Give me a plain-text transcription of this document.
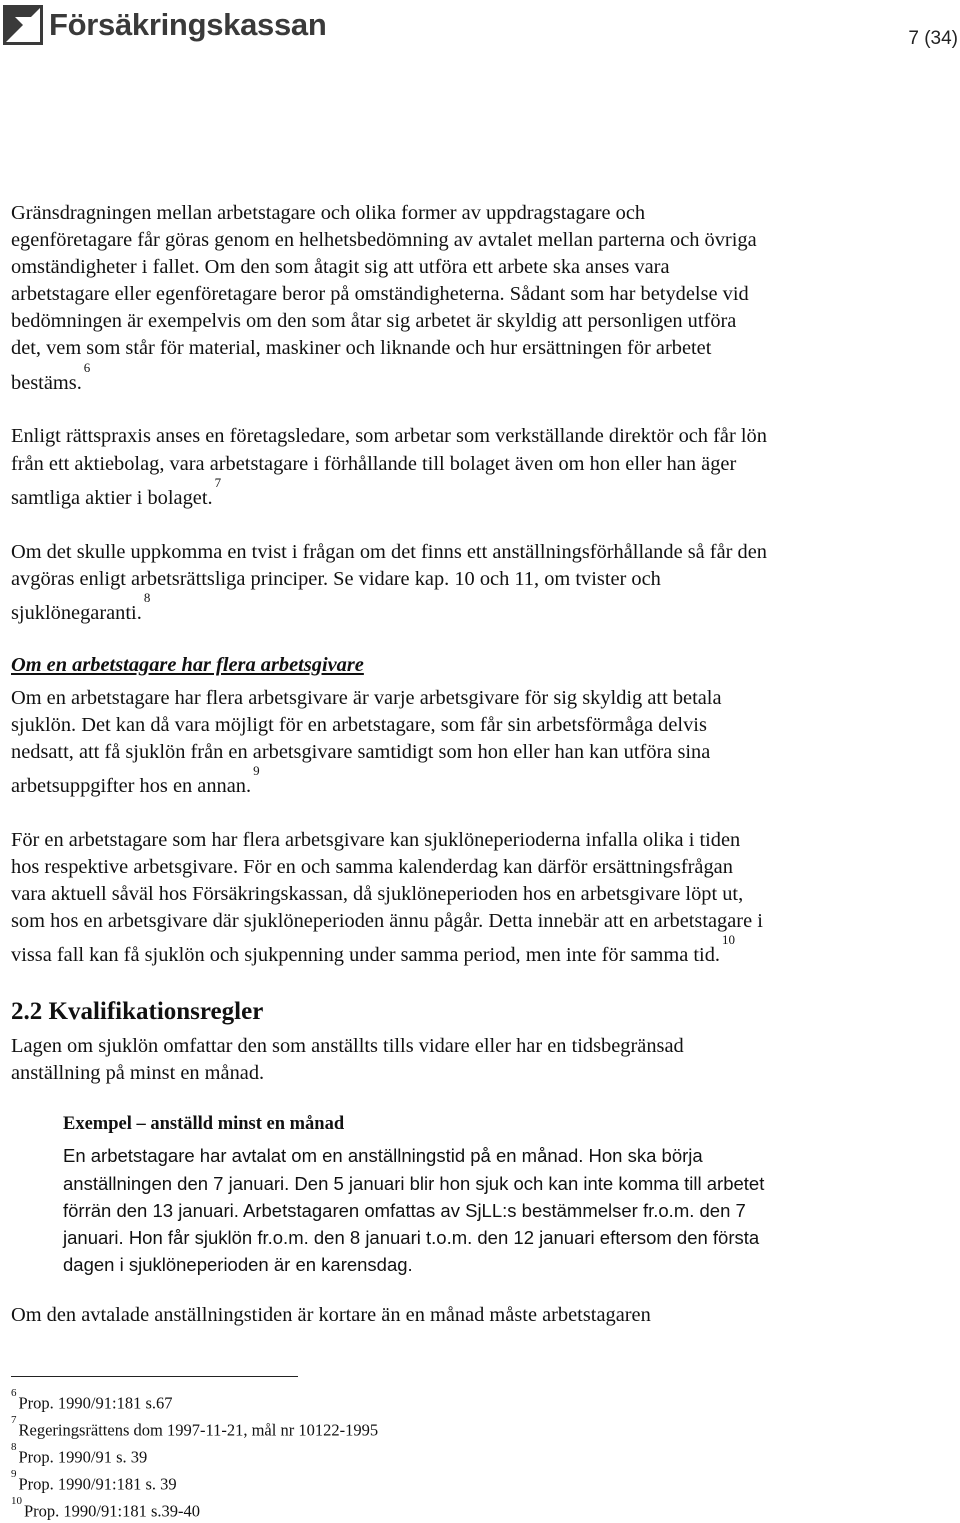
Försäkringskassan	7 (34)

Gränsdragningen mellan arbetstagare och olika former av uppdragstagare och egenföretagare får göras genom en helhetsbedömning av avtalet mellan parterna och övriga omständigheter i fallet. Om den som åtagit sig att utföra ett arbete ska anses vara arbetstagare eller egenföretagare beror på omständigheterna. Sådant som har betydelse vid bedömningen är exempelvis om den som åtar sig arbetet är skyldig att personligen utföra det, vem som står för material, maskiner och liknande och hur ersättningen för arbetet bestäms.$^6$

Enligt rättspraxis anses en företagsledare, som arbetar som verkställande direktör och får lön från ett aktiebolag, vara arbetstagare i förhållande till bolaget även om hon eller han äger samtliga aktier i bolaget.$^7$

Om det skulle uppkomma en tvist i frågan om det finns ett anställningsförhållande så får den avgöras enligt arbetsrättsliga principer. Se vidare kap. 10 och 11, om tvister och sjuklönegaranti.$^8$

Om en arbetstagare har flera arbetsgivare

Om en arbetstagare har flera arbetsgivare är varje arbetsgivare för sig skyldig att betala sjuklön. Det kan då vara möjligt för en arbetstagare, som får sin arbetsförmåga delvis nedsatt, att få sjuklön från en arbetsgivare samtidigt som hon eller han kan utföra sina arbetsuppgifter hos en annan.$^9$

För en arbetstagare som har flera arbetsgivare kan sjuklöneperioderna infalla olika i tiden hos respektive arbetsgivare. För en och samma kalenderdag kan därför ersättningsfrågan vara aktuell såväl hos Försäkringskassan, då sjuklöneperioden hos en arbetsgivare löpt ut, som hos en arbetsgivare där sjuklöneperioden ännu pågår. Detta innebär att en arbetstagare i vissa fall kan få sjuklön och sjukpenning under samma period, men inte för samma tid.$^{10}$

2.2 Kvalifikationsregler

Lagen om sjuklön omfattar den som anställts tills vidare eller har en tidsbegränsad anställning på minst en månad.

Exempel – anställd minst en månad

En arbetstagare har avtalat om en anställningstid på en månad. Hon ska börja anställningen den 7 januari. Den 5 januari blir hon sjuk och kan inte komma till arbetet förrän den 13 januari. Arbetstagaren omfattas av SjLL:s bestämmelser fr.o.m. den 7 januari. Hon får sjuklön fr.o.m. den 8 januari t.o.m. den 12 januari eftersom den första dagen i sjuklöneperioden är en karensdag.

Om den avtalade anställningstiden är kortare än en månad måste arbetstagaren

$^6$Prop. 1990/91:181 s.67
$^7$Regeringsrättens dom 1997-11-21, mål nr 10122-1995
$^8$Prop. 1990/91 s. 39
$^9$Prop. 1990/91:181 s. 39
$^{10}$Prop. 1990/91:181 s.39-40
